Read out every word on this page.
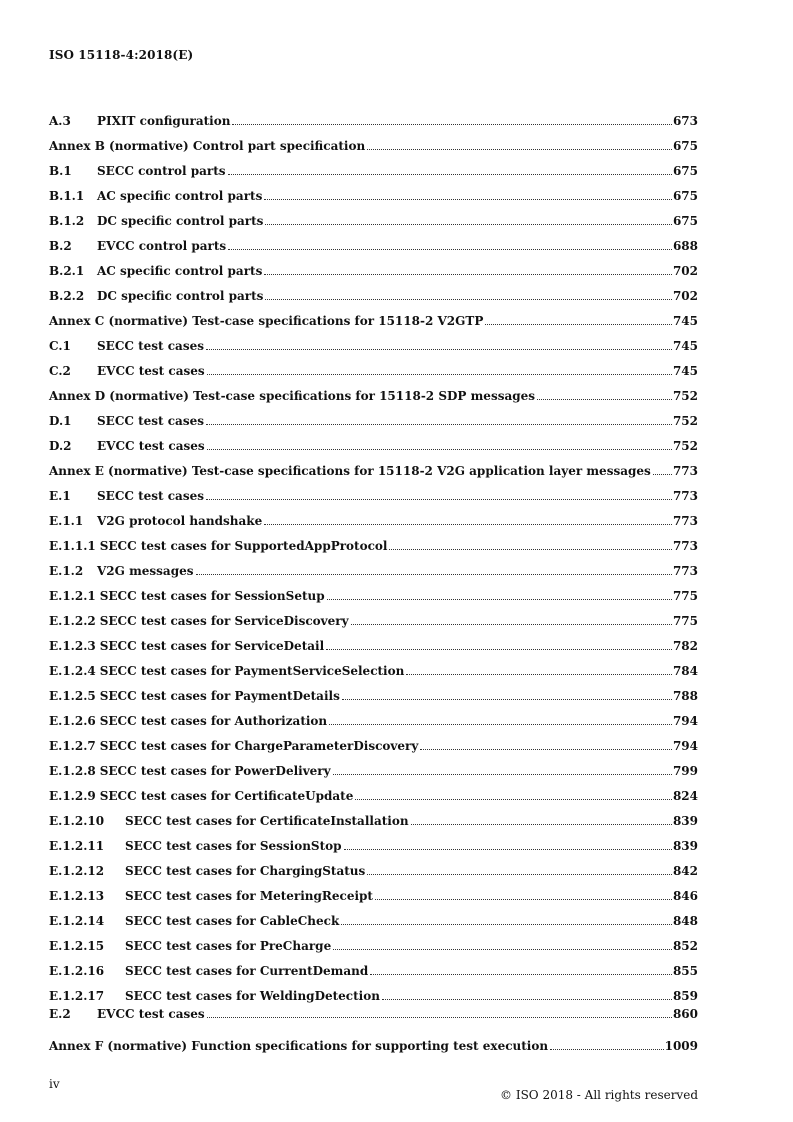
ISO 15118-4:2018(E)
A.3	PIXIT configuration	673
Annex B (normative) Control part specification	675
B.1	SECC control parts	675
B.1.1	AC specific control parts	675
B.1.2	DC specific control parts	675
B.2	EVCC control parts	688
B.2.1	AC specific control parts	702
B.2.2	DC specific control parts	702
Annex C (normative) Test-case specifications for 15118-2 V2GTP	745
C.1	SECC test cases	745
C.2	EVCC test cases	745
Annex D (normative) Test-case specifications for 15118-2 SDP messages	752
D.1	SECC test cases	752
D.2	EVCC test cases	752
Annex E (normative) Test-case specifications for 15118-2 V2G application layer messages 773
E.1	SECC test cases	773
E.1.1	V2G protocol handshake	773
E.1.1.1 SECC test cases for SupportedAppProtocol	773
E.1.2	V2G messages	773
E.1.2.1 SECC test cases for SessionSetup	775
E.1.2.2 SECC test cases for ServiceDiscovery	775
E.1.2.3 SECC test cases for ServiceDetail	782
E.1.2.4 SECC test cases for PaymentServiceSelection	784
E.1.2.5 SECC test cases for PaymentDetails	788
E.1.2.6 SECC test cases for Authorization	794
E.1.2.7 SECC test cases for ChargeParameterDiscovery	794
E.1.2.8 SECC test cases for PowerDelivery	799
E.1.2.9 SECC test cases for CertificateUpdate	824
E.1.2.10	SECC test cases for CertificateInstallation	839
E.1.2.11	SECC test cases for SessionStop	839
E.1.2.12	SECC test cases for ChargingStatus	842
E.1.2.13	SECC test cases for MeteringReceipt	846
E.1.2.14	SECC test cases for CableCheck	848
E.1.2.15	SECC test cases for PreCharge	852
E.1.2.16	SECC test cases for CurrentDemand	855
E.1.2.17	SECC test cases for WeldingDetection	859
E.2	EVCC test cases	860
Annex F (normative) Function specifications for supporting test execution	1009
iv
© ISO 2018 - All rights reserved
